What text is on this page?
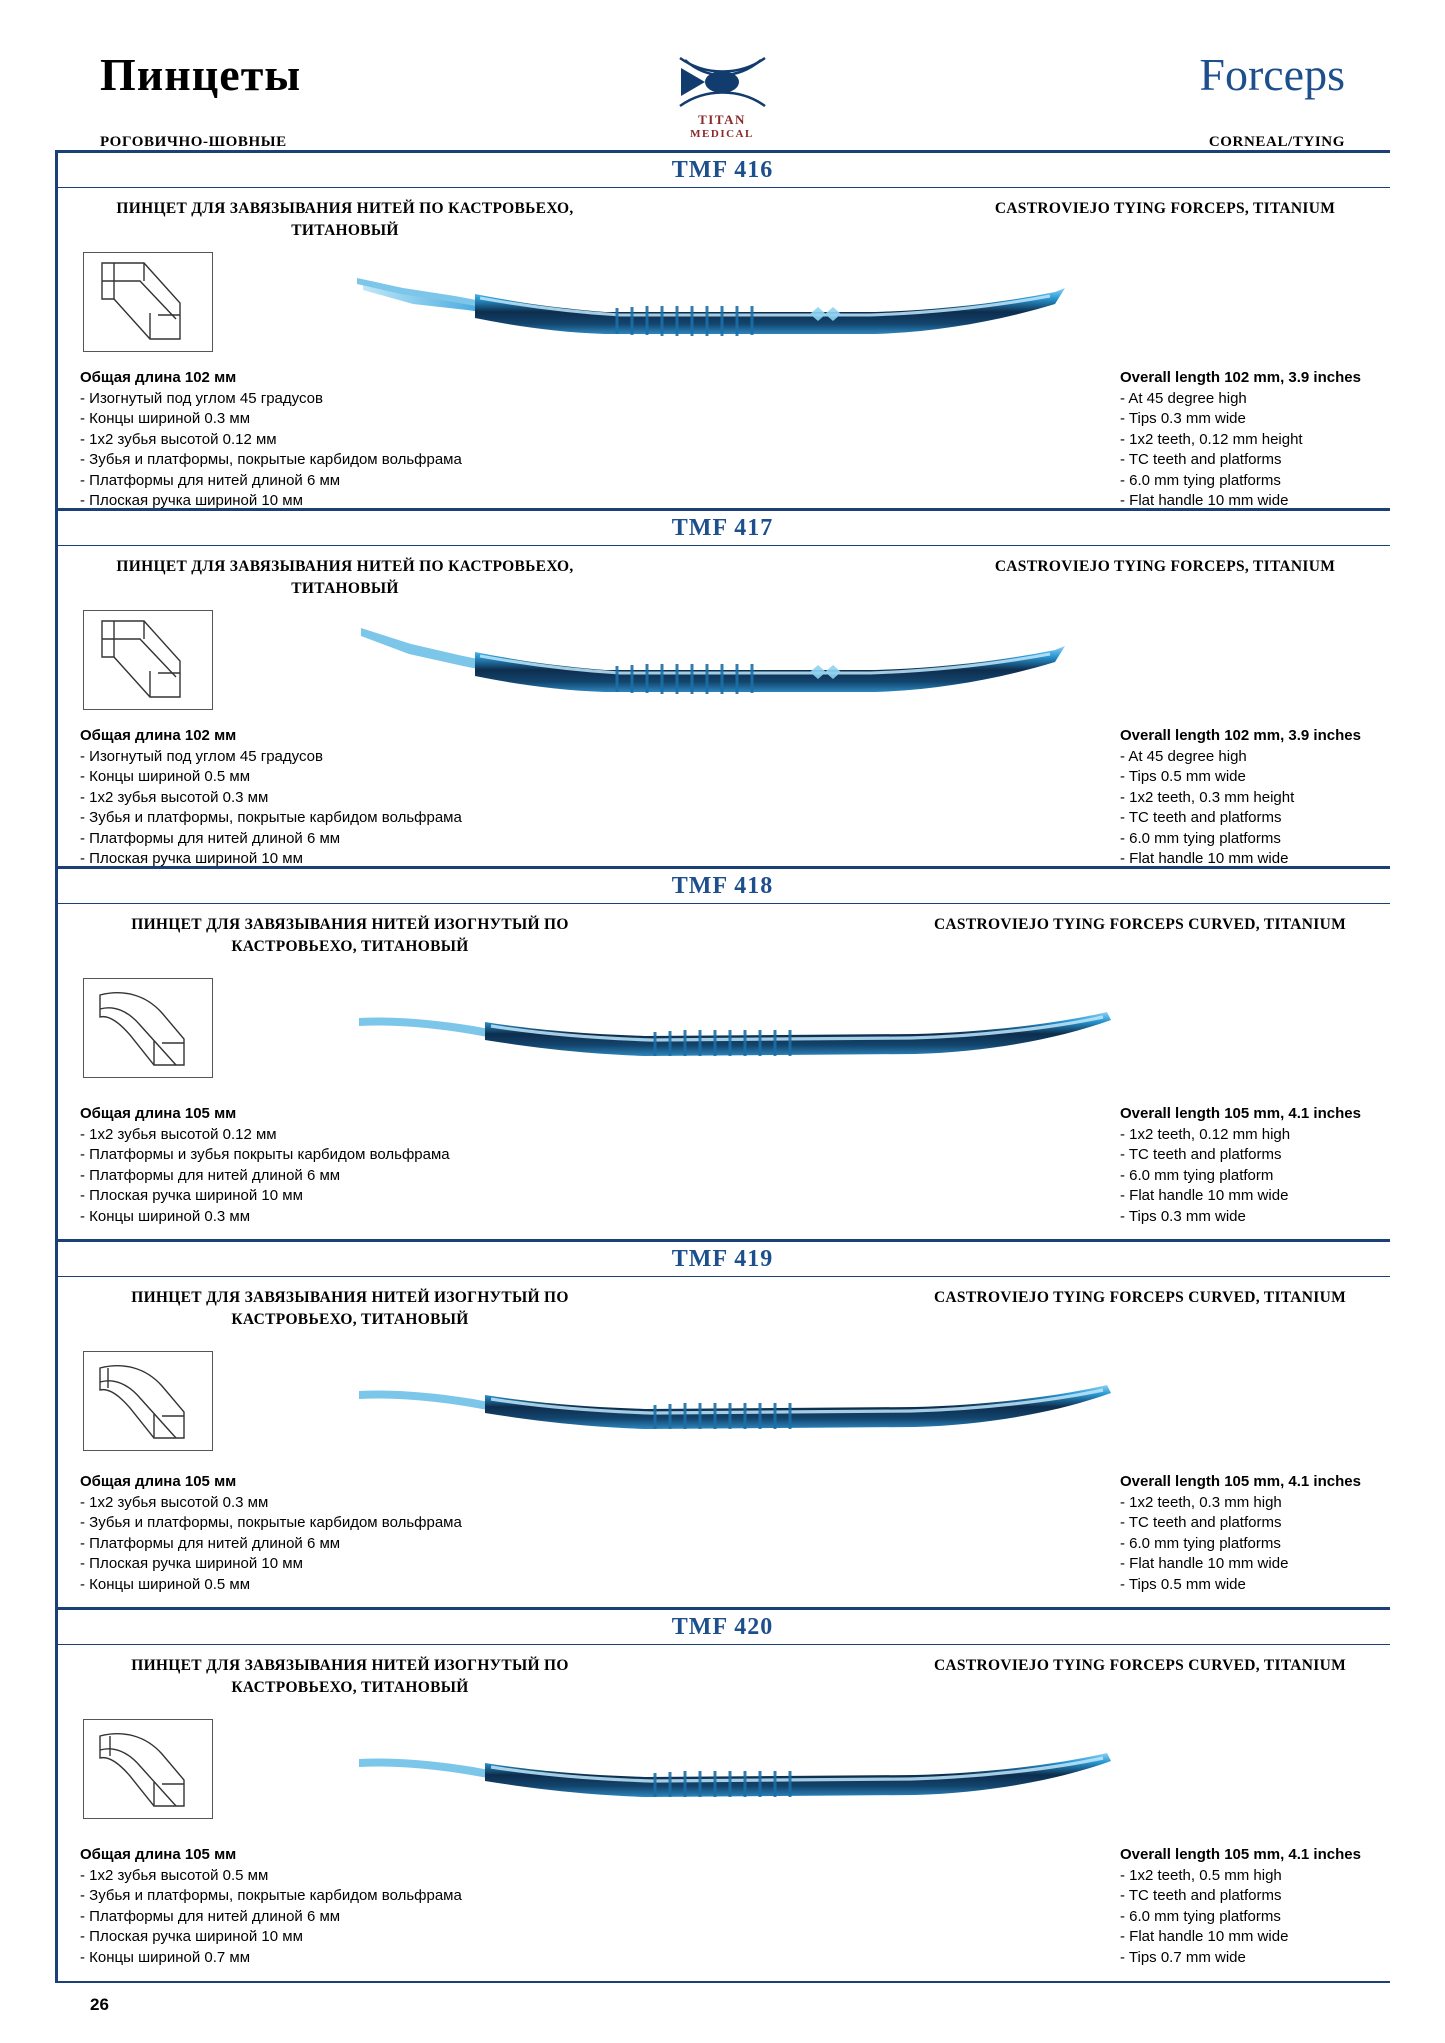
Пинцеты
РОГОВИЧНО-ШОВНЫЕ
Forceps
CORNEAL/TYING
TITAN
MEDICAL
TMF 416
ПИНЦЕТ ДЛЯ ЗАВЯЗЫВАНИЯ НИТЕЙ ПО КАСТРОВЬЕХО, ТИТАНОВЫЙ
CASTROVIEJO TYING FORCEPS, TITANIUM
Общая длина 102 мм
- Изогнутый под углом 45 градусов
- Концы шириной 0.3 мм
- 1х2 зубья высотой 0.12 мм
- Зубья и платформы, покрытые карбидом вольфрама
- Платформы для нитей длиной 6 мм
- Плоская ручка шириной 10 мм
Overall length 102 mm, 3.9 inches
- At 45 degree high
- Tips 0.3 mm wide
- 1x2 teeth, 0.12 mm height
- TC teeth and platforms
- 6.0 mm tying platforms
- Flat handle 10 mm wide
TMF 417
ПИНЦЕТ ДЛЯ ЗАВЯЗЫВАНИЯ НИТЕЙ ПО КАСТРОВЬЕХО, ТИТАНОВЫЙ
CASTROVIEJO TYING FORCEPS, TITANIUM
Общая длина 102 мм
- Изогнутый под углом 45 градусов
- Концы шириной 0.5 мм
- 1х2 зубья высотой 0.3 мм
- Зубья и платформы, покрытые карбидом вольфрама
- Платформы для нитей длиной 6 мм
- Плоская ручка шириной 10 мм
Overall length 102 mm, 3.9 inches
- At 45 degree high
- Tips 0.5 mm wide
- 1x2 teeth, 0.3 mm height
- TC teeth and platforms
- 6.0 mm tying platforms
- Flat handle 10 mm wide
TMF 418
ПИНЦЕТ ДЛЯ ЗАВЯЗЫВАНИЯ НИТЕЙ ИЗОГНУТЫЙ ПО КАСТРОВЬЕХО, ТИТАНОВЫЙ
CASTROVIEJO TYING FORCEPS CURVED, TITANIUM
Общая длина 105 мм
- 1х2 зубья высотой 0.12 мм
- Платформы и зубья покрыты карбидом вольфрама
- Платформы для нитей длиной 6 мм
- Плоская ручка шириной 10 мм
- Концы шириной 0.3 мм
Overall length 105 mm, 4.1 inches
- 1x2 teeth, 0.12 mm high
- TC teeth and platforms
- 6.0 mm tying platform
- Flat handle 10 mm wide
- Tips 0.3 mm wide
TMF 419
ПИНЦЕТ ДЛЯ ЗАВЯЗЫВАНИЯ НИТЕЙ ИЗОГНУТЫЙ ПО КАСТРОВЬЕХО, ТИТАНОВЫЙ
CASTROVIEJO TYING FORCEPS CURVED, TITANIUM
Общая длина 105 мм
- 1х2 зубья высотой 0.3 мм
- Зубья и платформы, покрытые карбидом вольфрама
- Платформы для нитей длиной 6 мм
- Плоская ручка шириной 10 мм
- Концы шириной 0.5 мм
Overall length 105 mm, 4.1 inches
- 1x2 teeth, 0.3 mm high
- TC teeth and platforms
- 6.0 mm tying platforms
- Flat handle 10 mm wide
- Tips 0.5 mm wide
TMF 420
ПИНЦЕТ ДЛЯ ЗАВЯЗЫВАНИЯ НИТЕЙ ИЗОГНУТЫЙ ПО КАСТРОВЬЕХО, ТИТАНОВЫЙ
CASTROVIEJO TYING FORCEPS CURVED, TITANIUM
Общая длина 105 мм
- 1х2 зубья высотой 0.5 мм
- Зубья и платформы, покрытые карбидом вольфрама
- Платформы для нитей длиной 6 мм
- Плоская ручка шириной 10 мм
- Концы шириной 0.7 мм
Overall length 105 mm, 4.1 inches
- 1x2 teeth, 0.5 mm high
- TC teeth and platforms
- 6.0 mm tying platforms
- Flat handle 10 mm wide
- Tips 0.7 mm wide
26
